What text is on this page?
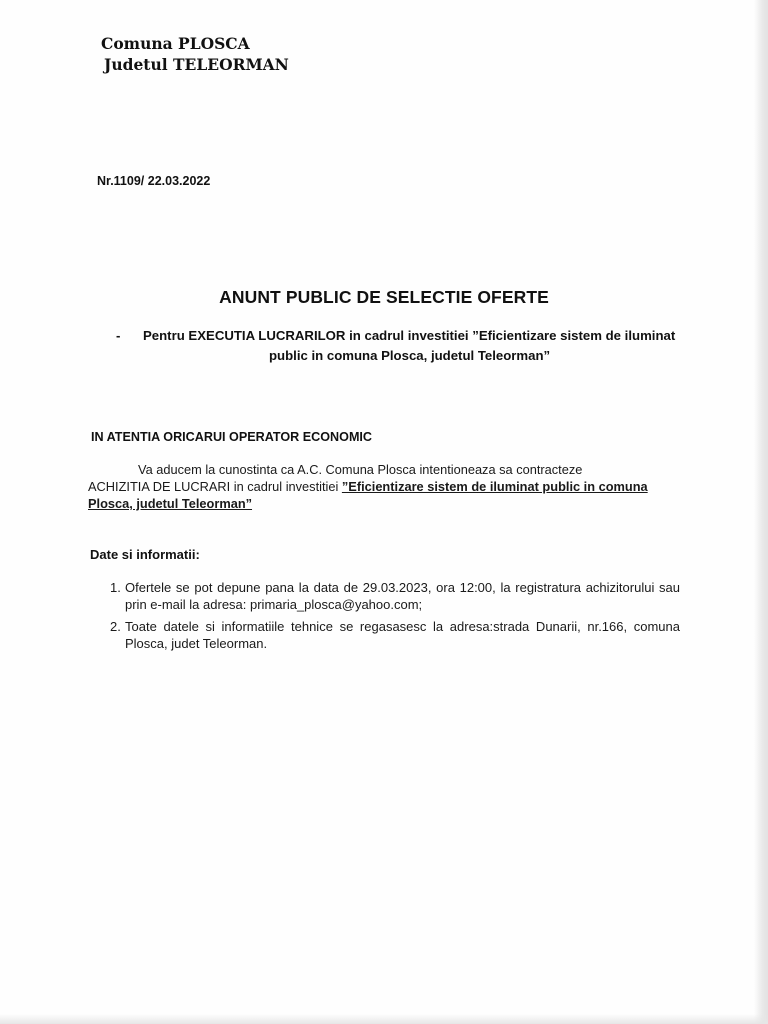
Comuna PLOSCA
Judetul TELEORMAN
Nr.1109/ 22.03.2022
ANUNT PUBLIC DE SELECTIE OFERTE
- Pentru EXECUTIA LUCRARILOR in cadrul investitiei ”Eficientizare sistem de iluminat
public in comuna Plosca, judetul Teleorman”
IN ATENTIA ORICARUI OPERATOR ECONOMIC
Va aducem la cunostinta ca A.C. Comuna Plosca intentioneaza sa contracteze
ACHIZITIA DE LUCRARI in cadrul investitiei ”Eficientizare sistem de iluminat public in comuna
Plosca, judetul Teleorman”
Date si informatii:
1. Ofertele se pot depune pana la data de 29.03.2023, ora 12:00, la registratura achizitorului sau prin e-mail la adresa: primaria_plosca@yahoo.com;
2. Toate datele si informatiile tehnice se regasasesc la adresa:strada Dunarii, nr.166, comuna Plosca, judet Teleorman.
